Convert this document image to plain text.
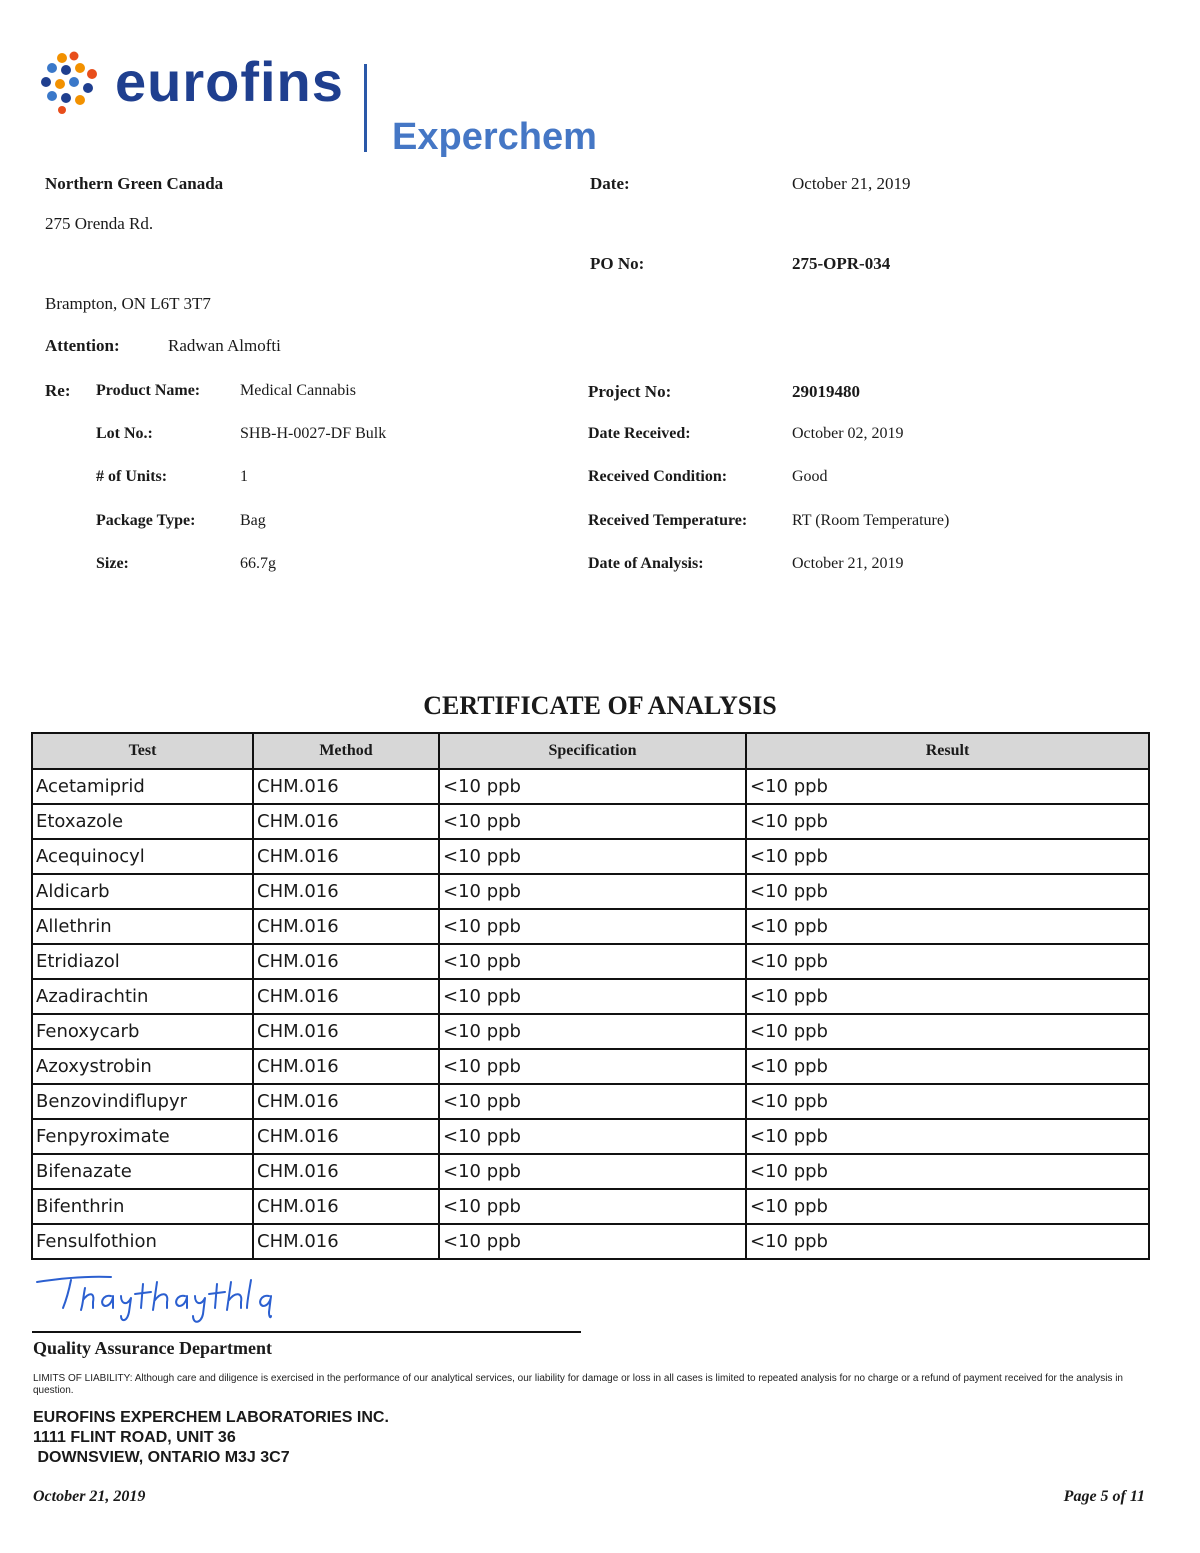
eurofins
Experchem
Northern Green Canada
275 Orenda Rd.
Brampton, ON L6T 3T7
Attention:	Radwan Almofti
Date:	October 21, 2019
PO No:	275-OPR-034
Re: Product Name: Medical Cannabis
Lot No.:	SHB-H-0027-DF Bulk
# of Units:	1
Package Type:	Bag
Size:	66.7g
Project No:	29019480
Date Received:	October 02, 2019
Received Condition:	Good
Received Temperature:	RT (Room Temperature)
Date of Analysis:	October 21, 2019
CERTIFICATE OF ANALYSIS
Test	Method	Specification	Result
Acetamiprid	CHM.016	<10 ppb	<10 ppb
Etoxazole	CHM.016	<10 ppb	<10 ppb
Acequinocyl	CHM.016	<10 ppb	<10 ppb
Aldicarb	CHM.016	<10 ppb	<10 ppb
Allethrin	CHM.016	<10 ppb	<10 ppb
Etridiazol	CHM.016	<10 ppb	<10 ppb
Azadirachtin	CHM.016	<10 ppb	<10 ppb
Fenoxycarb	CHM.016	<10 ppb	<10 ppb
Azoxystrobin	CHM.016	<10 ppb	<10 ppb
Benzovindiflupyr	CHM.016	<10 ppb	<10 ppb
Fenpyroximate	CHM.016	<10 ppb	<10 ppb
Bifenazate	CHM.016	<10 ppb	<10 ppb
Bifenthrin	CHM.016	<10 ppb	<10 ppb
Fensulfothion	CHM.016	<10 ppb	<10 ppb
Quality Assurance Department
LIMITS OF LIABILITY: Although care and diligence is exercised in the performance of our analytical services, our liability for damage or loss in all cases is limited to repeated analysis for no charge or a refund of payment received for the analysis in question.
EUROFINS EXPERCHEM LABORATORIES INC.
1111 FLINT ROAD, UNIT 36
DOWNSVIEW, ONTARIO M3J 3C7
October 21, 2019	Page 5 of 11
